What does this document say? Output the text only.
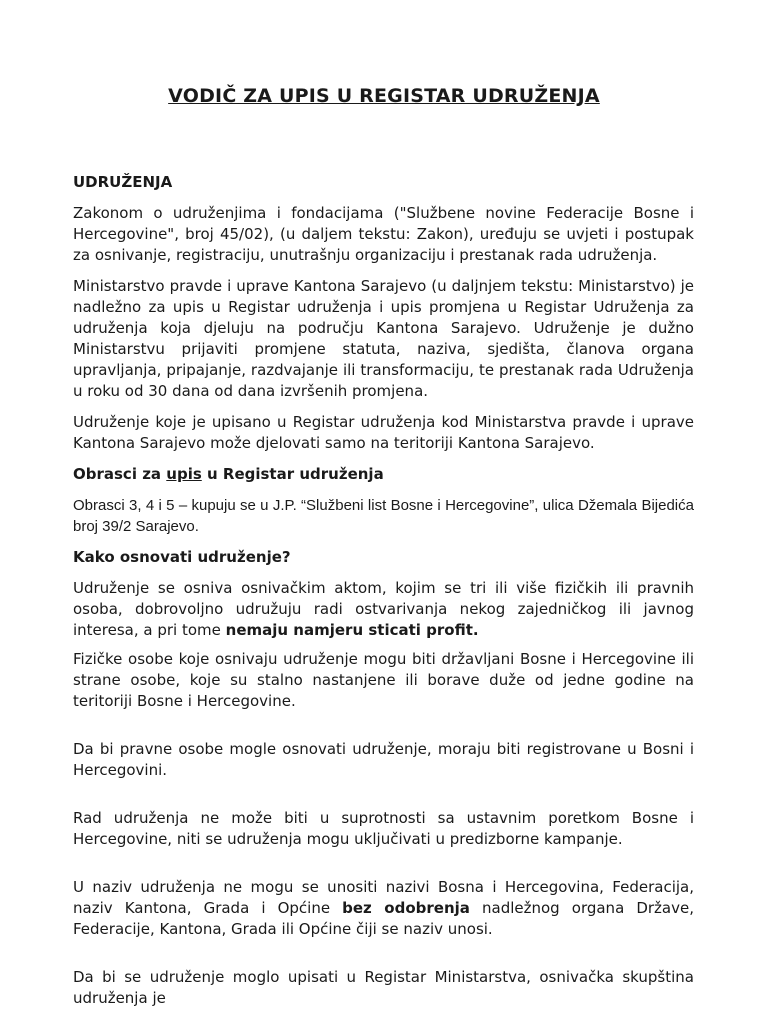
VODIČ ZA UPIS U REGISTAR UDRUŽENJA

UDRUŽENJA

Zakonom o udruženjima i fondacijama ("Službene novine Federacije Bosne i Hercegovine", broj 45/02), (u daljem tekstu: Zakon), uređuju se uvjeti i postupak za osnivanje, registraciju, unutrašnju organizaciju i prestanak rada udruženja.

Ministarstvo pravde i uprave Kantona Sarajevo (u daljnjem tekstu: Ministarstvo) je nadležno za upis u Registar udruženja i upis promjena u Registar Udruženja za udruženja koja djeluju na području Kantona Sarajevo. Udruženje je dužno Ministarstvu prijaviti promjene statuta, naziva, sjedišta, članova organa upravljanja, pripajanje, razdvajanje ili transformaciju, te prestanak rada Udruženja u roku od 30 dana od dana izvršenih promjena.

Udruženje koje je upisano u Registar udruženja kod Ministarstva pravde i uprave Kantona Sarajevo može djelovati samo na teritoriji Kantona Sarajevo.

Obrasci za upis u Registar udruženja

Obrasci 3, 4 i 5 – kupuju se u J.P. “Službeni list Bosne i Hercegovine”, ulica Džemala Bijedića broj 39/2 Sarajevo.

Kako osnovati udruženje?

Udruženje se osniva osnivačkim aktom, kojim se tri ili više fizičkih ili pravnih osoba, dobrovoljno udružuju radi ostvarivanja nekog zajedničkog ili javnog interesa, a pri tome nemaju namjeru sticati profit.

Fizičke osobe koje osnivaju udruženje mogu biti državljani Bosne i Hercegovine ili strane osobe, koje su stalno nastanjene ili borave duže od jedne godine na teritoriji Bosne i Hercegovine.

Da bi pravne osobe mogle osnovati udruženje, moraju biti registrovane u Bosni i Hercegovini.

Rad udruženja ne može biti u suprotnosti sa ustavnim poretkom Bosne i Hercegovine, niti se udruženja mogu uključivati u predizborne kampanje.

U naziv udruženja ne mogu se unositi nazivi Bosna i Hercegovina, Federacija, naziv Kantona, Grada i Općine bez odobrenja nadležnog organa Države, Federacije, Kantona, Grada ili Općine čiji se naziv unosi.

Da bi se udruženje moglo upisati u Registar Ministarstva, osnivačka skupština udruženja je
